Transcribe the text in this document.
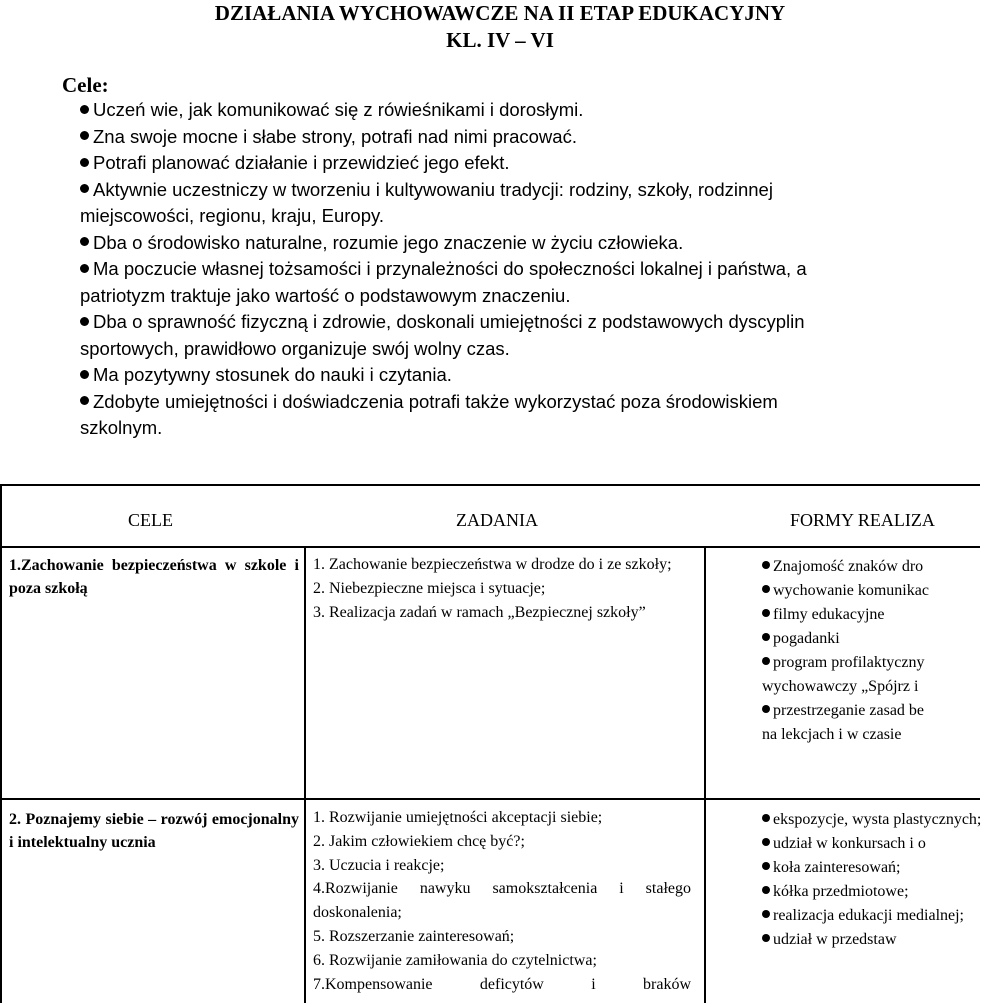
DZIAŁANIA WYCHOWAWCZE NA II ETAP EDUKACYJNY
KL. IV – VI
Cele:
Uczeń wie, jak komunikować się z rówieśnikami i dorosłymi.
Zna swoje mocne i słabe strony, potrafi nad nimi pracować.
Potrafi planować działanie i przewidzieć jego efekt.
Aktywnie uczestniczy w tworzeniu i kultywowaniu tradycji: rodziny, szkoły, rodzinnej miejscowości, regionu, kraju, Europy.
Dba o środowisko naturalne, rozumie jego znaczenie w życiu człowieka.
Ma poczucie własnej tożsamości i przynależności do społeczności lokalnej i państwa, a patriotyzm traktuje jako wartość o podstawowym znaczeniu.
Dba o sprawność fizyczną i zdrowie, doskonali umiejętności z podstawowych dyscyplin sportowych, prawidłowo organizuje swój wolny czas.
Ma pozytywny stosunek do nauki i czytania.
Zdobyte umiejętności i doświadczenia potrafi także wykorzystać poza środowiskiem szkolnym.
CELE	ZADANIA	FORMY REALIZA
1.Zachowanie bezpieczeństwa w szkole i poza szkołą
1. Zachowanie bezpieczeństwa w drodze do i ze szkoły;
2. Niebezpieczne miejsca i sytuacje;
3. Realizacja zadań w ramach „Bezpiecznej szkoły”
Znajomość znaków dro
wychowanie komunikac
filmy edukacyjne
pogadanki
program profilaktyczny
wychowawczy „Spójrz i
przestrzeganie zasad be
na lekcjach i w czasie
2. Poznajemy siebie – rozwój emocjonalny i intelektualny ucznia
1. Rozwijanie umiejętności akceptacji siebie;
2. Jakim człowiekiem chcę być?;
3. Uczucia i reakcje;
4.Rozwijanie nawyku samokształcenia i stałego doskonalenia;
5. Rozszerzanie zainteresowań;
6. Rozwijanie zamiłowania do czytelnictwa;
7.Kompensowanie deficytów i braków
ekspozycje, wysta plastycznych;
udział w konkursach i o
koła zainteresowań;
kółka przedmiotowe;
realizacja edukacji medialnej;
udział w przedstaw
